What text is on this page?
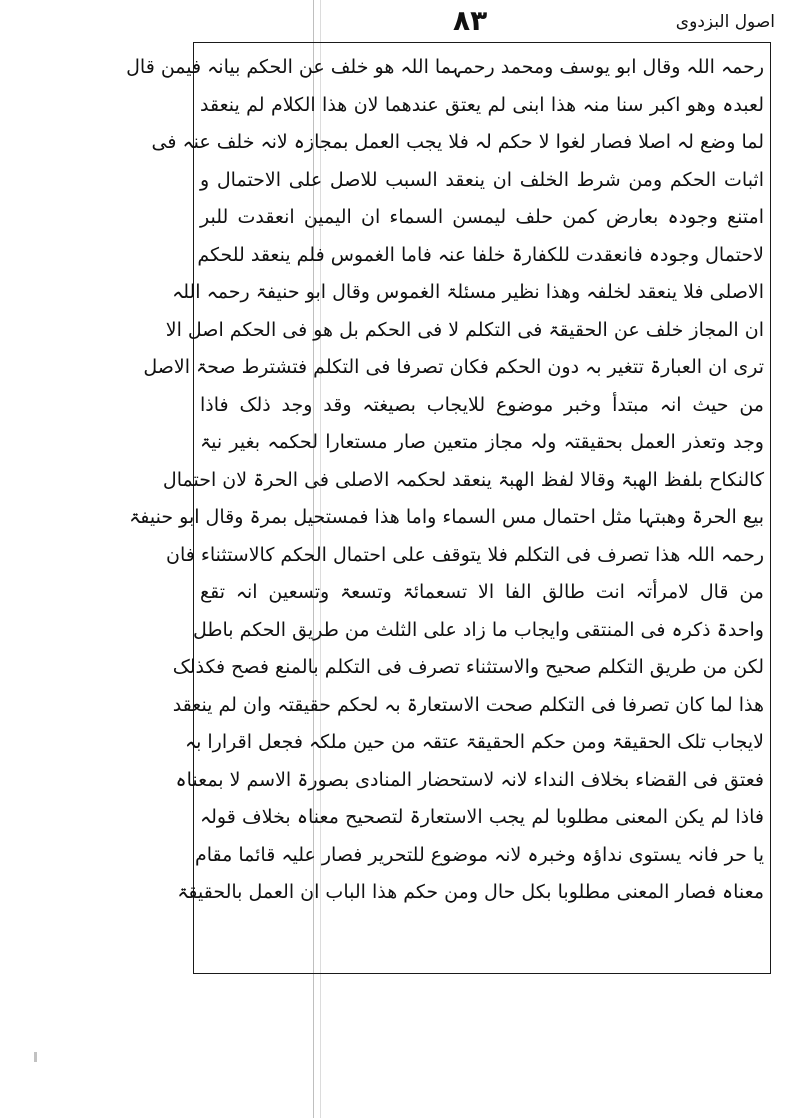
٨٣	اصول البزدوی
رحمہ اللہ وقال ابو یوسف ومحمد رحمہما اللہ ھو خلف عن الحکم بیانہ فیمن قال
لعبدہ وھو اکبر سنا منہ ھذا ابنی لم یعتق عندھما لان ھذا الکلام لم ینعقد
لما وضع لہ اصلا فصار لغوا لا حکم لہ فلا یجب العمل بمجازہ لانہ خلف عنہ فی
اثبات الحکم ومن شرط الخلف ان ینعقد السبب للاصل علی الاحتمال و
امتنع وجودہ بعارض کمن حلف لیمسن السماء ان الیمین انعقدت للبر
لاحتمال وجودہ فانعقدت للکفارۃ خلفا عنہ فاما الغموس فلم ینعقد للحکم
الاصلی فلا ینعقد لخلفہ وھذا نظیر مسئلۃ الغموس وقال ابو حنیفۃ رحمہ اللہ
ان المجاز خلف عن الحقیقۃ فی التکلم لا فی الحکم بل ھو فی الحکم اصل الا
تری ان العبارۃ تتغیر بہ دون الحکم فکان تصرفا فی التکلم فتشترط صحۃ الاصل
من حیث انہ مبتدأ وخبر موضوع للایجاب بصیغتہ وقد وجد ذلک فاذا
وجد وتعذر العمل بحقیقتہ ولہ مجاز متعین صار مستعارا لحکمہ بغیر نیۃ
کالنکاح بلفظ الھبۃ وقالا لفظ الھبۃ ینعقد لحکمہ الاصلی فی الحرۃ لان احتمال
بیع الحرۃ وھبتہا مثل احتمال مس السماء واما ھذا فمستحیل بمرۃ وقال ابو حنیفۃ
رحمہ اللہ ھذا تصرف فی التکلم فلا یتوقف علی احتمال الحکم کالاستثناء فان
من قال لامرأتہ انت طالق الفا الا تسعمائۃ وتسعۃ وتسعین انہ تقع
واحدۃ ذکرہ فی المنتقی وایجاب ما زاد علی الثلث من طریق الحکم باطل
لکن من طریق التکلم صحیح والاستثناء تصرف فی التکلم بالمنع فصح فکذلک
ھذا لما کان تصرفا فی التکلم صحت الاستعارۃ بہ لحکم حقیقتہ وان لم ینعقد
لایجاب تلک الحقیقۃ ومن حکم الحقیقۃ عتقہ من حین ملکہ فجعل اقرارا بہ
فعتق فی القضاء بخلاف النداء لانہ لاستحضار المنادی بصورۃ الاسم لا بمعناہ
فاذا لم یکن المعنی مطلوبا لم یجب الاستعارۃ لتصحیح معناہ بخلاف قولہ
یا حر فانہ یستوی نداؤہ وخبرہ لانہ موضوع للتحریر فصار علیہ قائما مقام
معناہ فصار المعنی مطلوبا بکل حال ومن حکم ھذا الباب ان العمل بالحقیقۃ
